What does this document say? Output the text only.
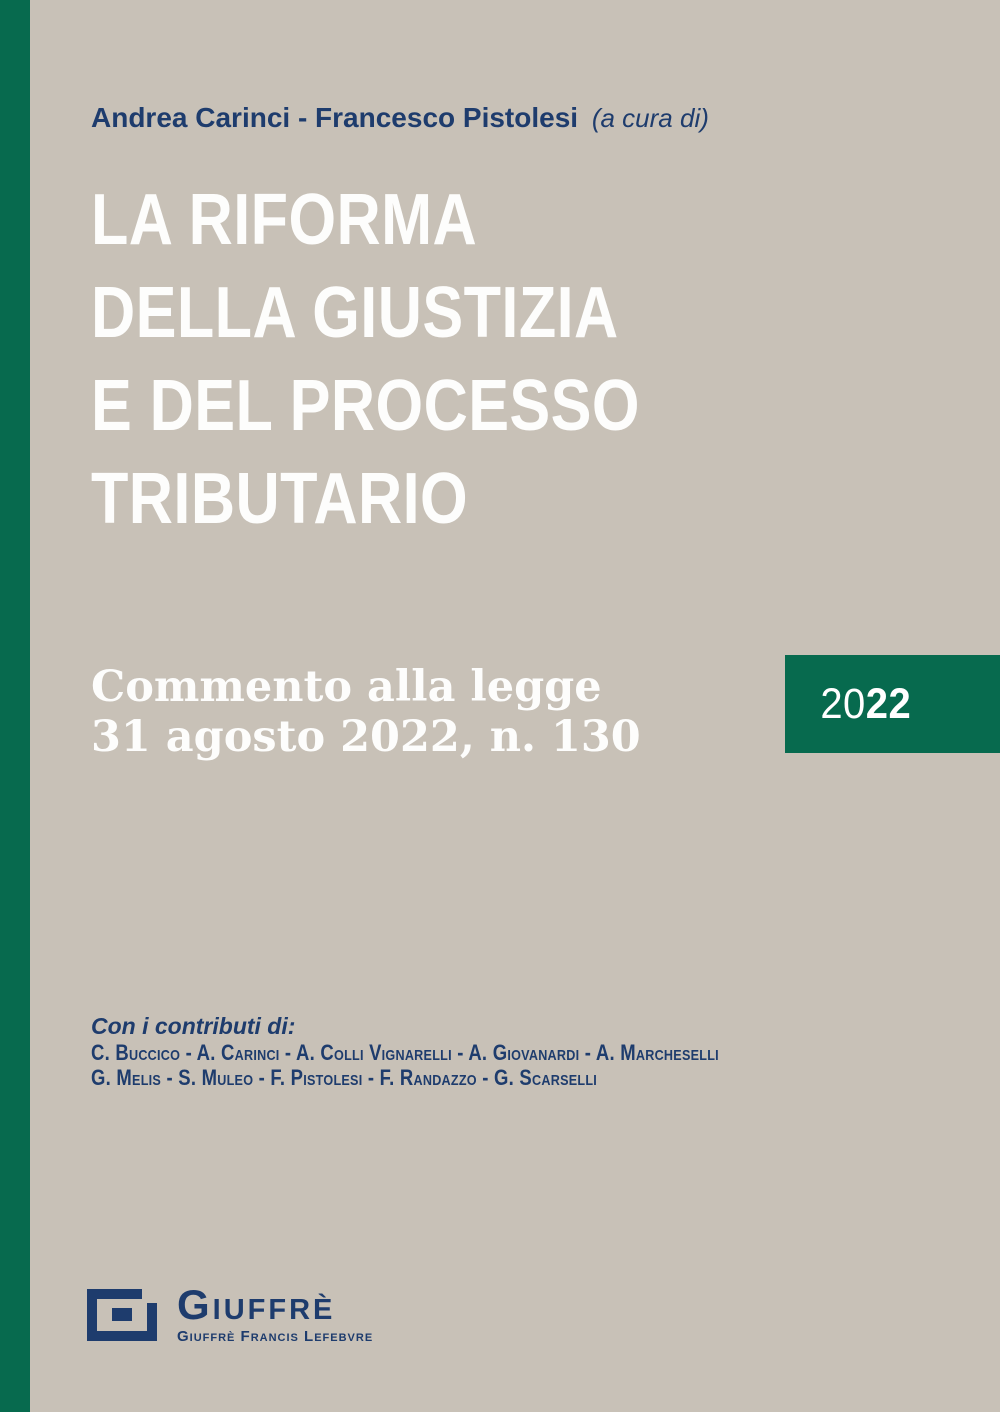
Andrea Carinci - Francesco Pistolesi (a cura di)
LA RIFORMA
DELLA GIUSTIZIA
E DEL PROCESSO
TRIBUTARIO
Commento alla legge
31 agosto 2022, n. 130
2022
Con i contributi di:
C. Buccico - A. Carinci - A. Colli Vignarelli - A. Giovanardi - A. Marcheselli
G. Melis - S. Muleo - F. Pistolesi - F. Randazzo - G. Scarselli
Giuffrè
Giuffrè Francis Lefebvre
